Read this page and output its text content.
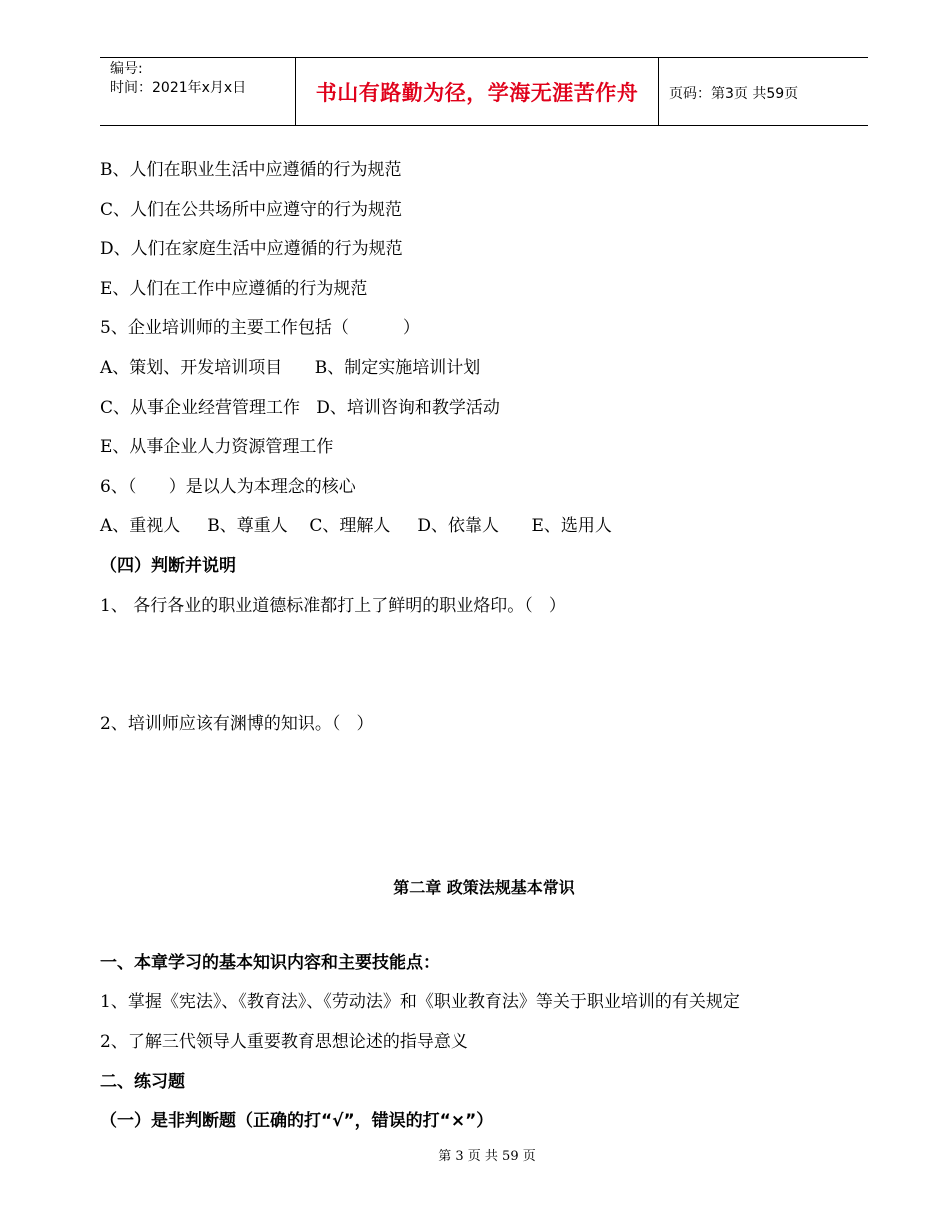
编号:
时间：2021年x月x日	书山有路勤为径，学海无涯苦作舟	页码：第3页 共59页
B、人们在职业生活中应遵循的行为规范
C、人们在公共场所中应遵守的行为规范
D、人们在家庭生活中应遵循的行为规范
E、人们在工作中应遵循的行为规范
5、企业培训师的主要工作包括（          ）
A、策划、开发培训项目      B、制定实施培训计划
C、从事企业经营管理工作   D、培训咨询和教学活动
E、从事企业人力资源管理工作
6、（      ）是以人为本理念的核心
A、重视人     B、尊重人    C、理解人     D、依靠人      E、选用人
（四）判断并说明
1、 各行各业的职业道德标准都打上了鲜明的职业烙印。（   ）
2、培训师应该有渊博的知识。（   ）
第二章 政策法规基本常识
一、本章学习的基本知识内容和主要技能点：
1、掌握《宪法》、《教育法》、《劳动法》和《职业教育法》等关于职业培训的有关规定
2、了解三代领导人重要教育思想论述的指导意义
二、练习题
（一）是非判断题（正确的打“√”，错误的打“×”）
第 3 页 共 59 页
